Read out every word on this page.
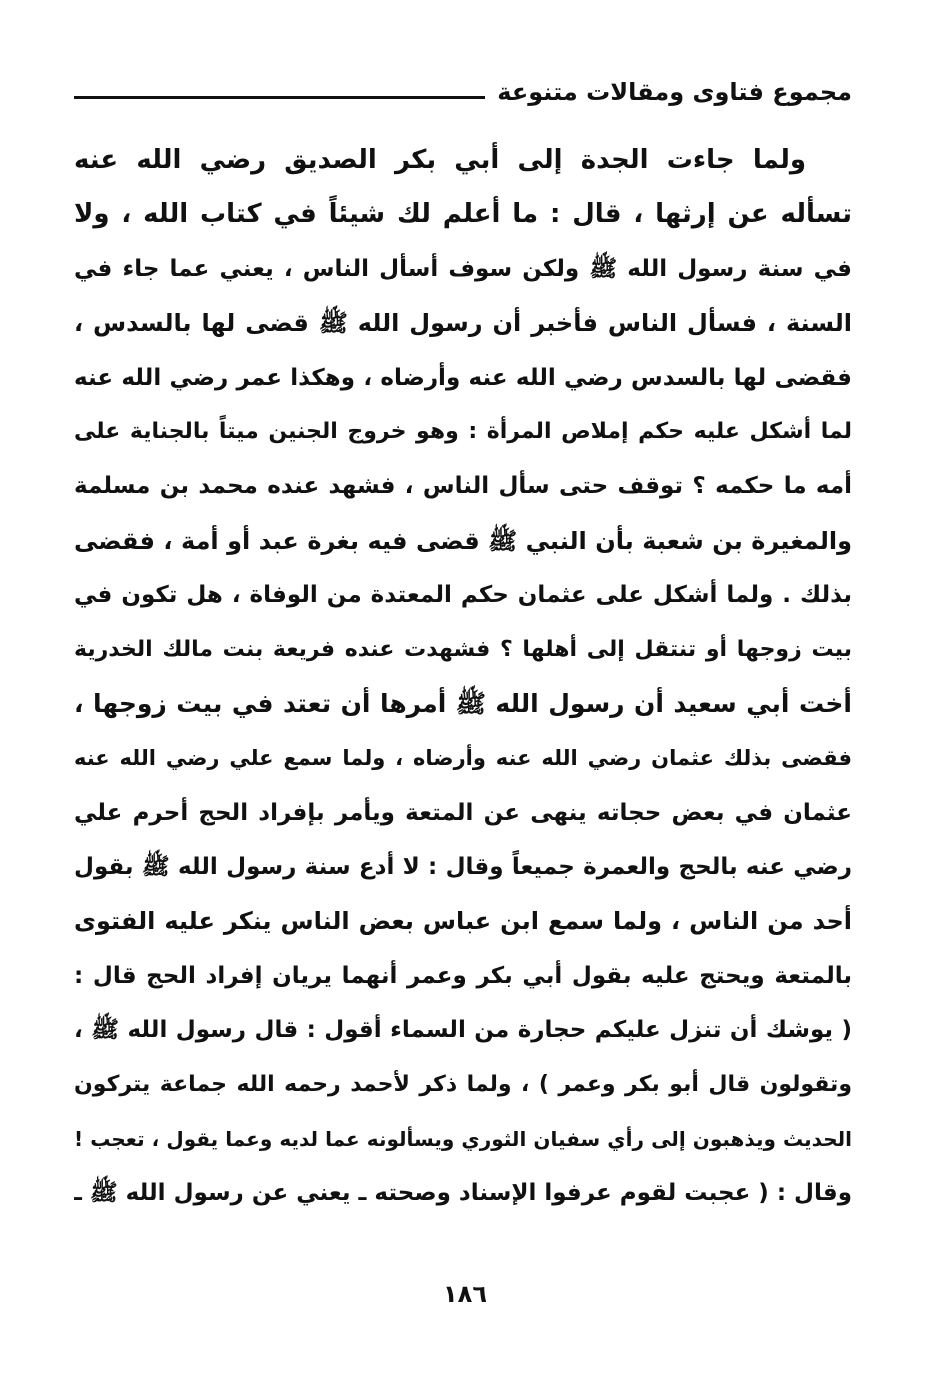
مجموع فتاوى ومقالات متنوعة
ولما جاءت الجدة إلى أبي بكر الصديق رضي الله عنه
تسأله عن إرثها ، قال : ما أعلم لك شيئاً في كتاب الله ، ولا
في سنة رسول الله ﷺ ولكن سوف أسأل الناس ، يعني عما جاء في
السنة ، فسأل الناس فأخبر أن رسول الله ﷺ قضى لها بالسدس ،
فقضى لها بالسدس رضي الله عنه وأرضاه ، وهكذا عمر رضي الله عنه
لما أشكل عليه حكم إملاص المرأة : وهو خروج الجنين ميتاً بالجناية على
أمه ما حكمه ؟ توقف حتى سأل الناس ، فشهد عنده محمد بن مسلمة
والمغيرة بن شعبة بأن النبي ﷺ قضى فيه بغرة عبد أو أمة ، فقضى
بذلك . ولما أشكل على عثمان حكم المعتدة من الوفاة ، هل تكون في
بيت زوجها أو تنتقل إلى أهلها ؟ فشهدت عنده فريعة بنت مالك الخدرية
أخت أبي سعيد أن رسول الله ﷺ أمرها أن تعتد في بيت زوجها ،
فقضى بذلك عثمان رضي الله عنه وأرضاه ، ولما سمع علي رضي الله عنه
عثمان في بعض حجاته ينهى عن المتعة ويأمر بإفراد الحج أحرم علي
رضي عنه بالحج والعمرة جميعاً وقال : لا أدع سنة رسول الله ﷺ بقول
أحد من الناس ، ولما سمع ابن عباس بعض الناس ينكر عليه الفتوى
بالمتعة ويحتج عليه بقول أبي بكر وعمر أنهما يريان إفراد الحج قال :
( يوشك أن تنزل عليكم حجارة من السماء أقول : قال رسول الله ﷺ ،
وتقولون قال أبو بكر وعمر ) ، ولما ذكر لأحمد رحمه الله جماعة يتركون
الحديث ويذهبون إلى رأي سفيان الثوري ويسألونه عما لديه وعما يقول ، تعجب !
وقال : ( عجبت لقوم عرفوا الإسناد وصحته ـ يعني عن رسول الله ﷺ ـ
١٨٦
